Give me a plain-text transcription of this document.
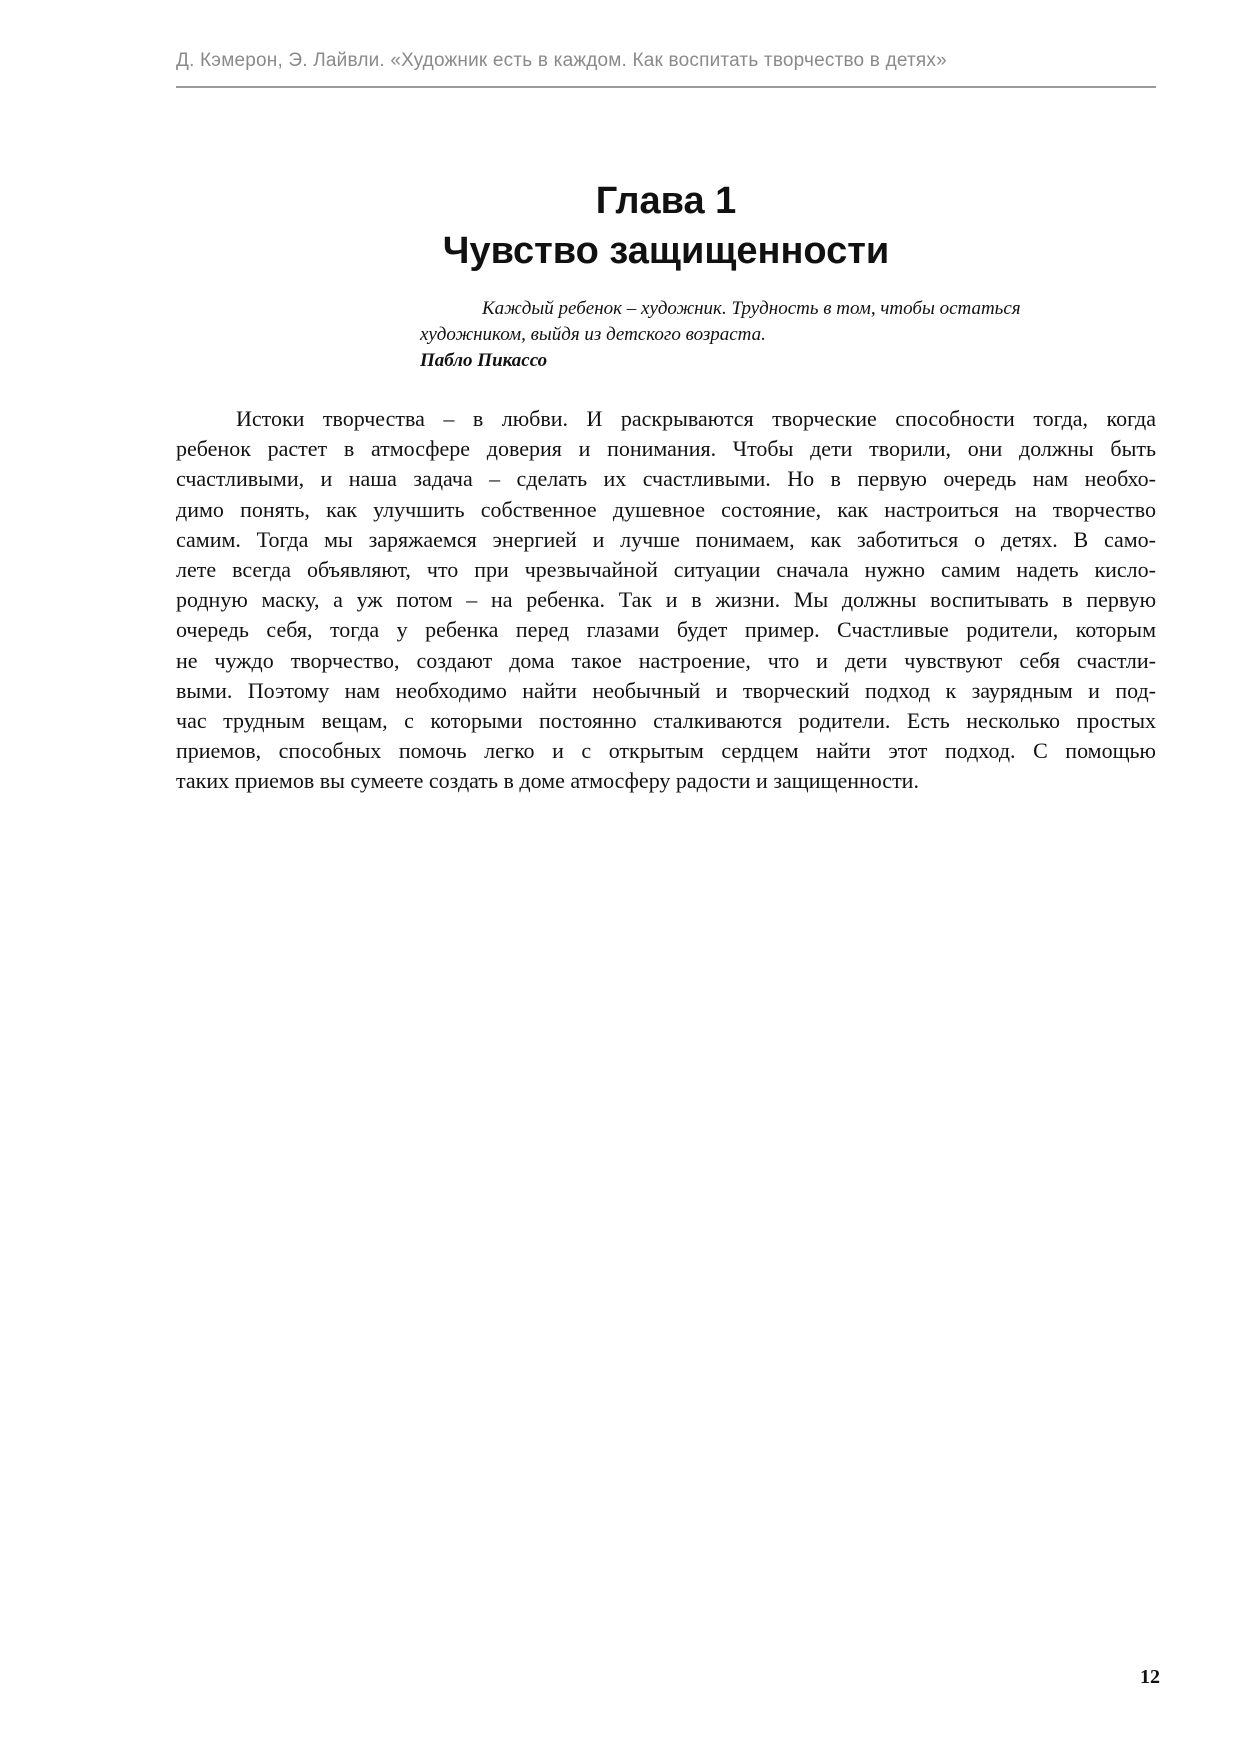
Д. Кэмерон, Э. Лайвли. «Художник есть в каждом. Как воспитать творчество в детях»
Глава 1
Чувство защищенности
Каждый ребенок – художник. Трудность в том, чтобы остаться
художником, выйдя из детского возраста.
Пабло Пикассо
Истоки творчества – в любви. И раскрываются творческие способности тогда, когда
ребенок растет в атмосфере доверия и понимания. Чтобы дети творили, они должны быть
счастливыми, и наша задача – сделать их счастливыми. Но в первую очередь нам необхо-
димо понять, как улучшить собственное душевное состояние, как настроиться на творчество
самим. Тогда мы заряжаемся энергией и лучше понимаем, как заботиться о детях. В само-
лете всегда объявляют, что при чрезвычайной ситуации сначала нужно самим надеть кисло-
родную маску, а уж потом – на ребенка. Так и в жизни. Мы должны воспитывать в первую
очередь себя, тогда у ребенка перед глазами будет пример. Счастливые родители, которым
не чуждо творчество, создают дома такое настроение, что и дети чувствуют себя счастли-
выми. Поэтому нам необходимо найти необычный и творческий подход к заурядным и под-
час трудным вещам, с которыми постоянно сталкиваются родители. Есть несколько простых
приемов, способных помочь легко и с открытым сердцем найти этот подход. С помощью
таких приемов вы сумеете создать в доме атмосферу радости и защищенности.
12
